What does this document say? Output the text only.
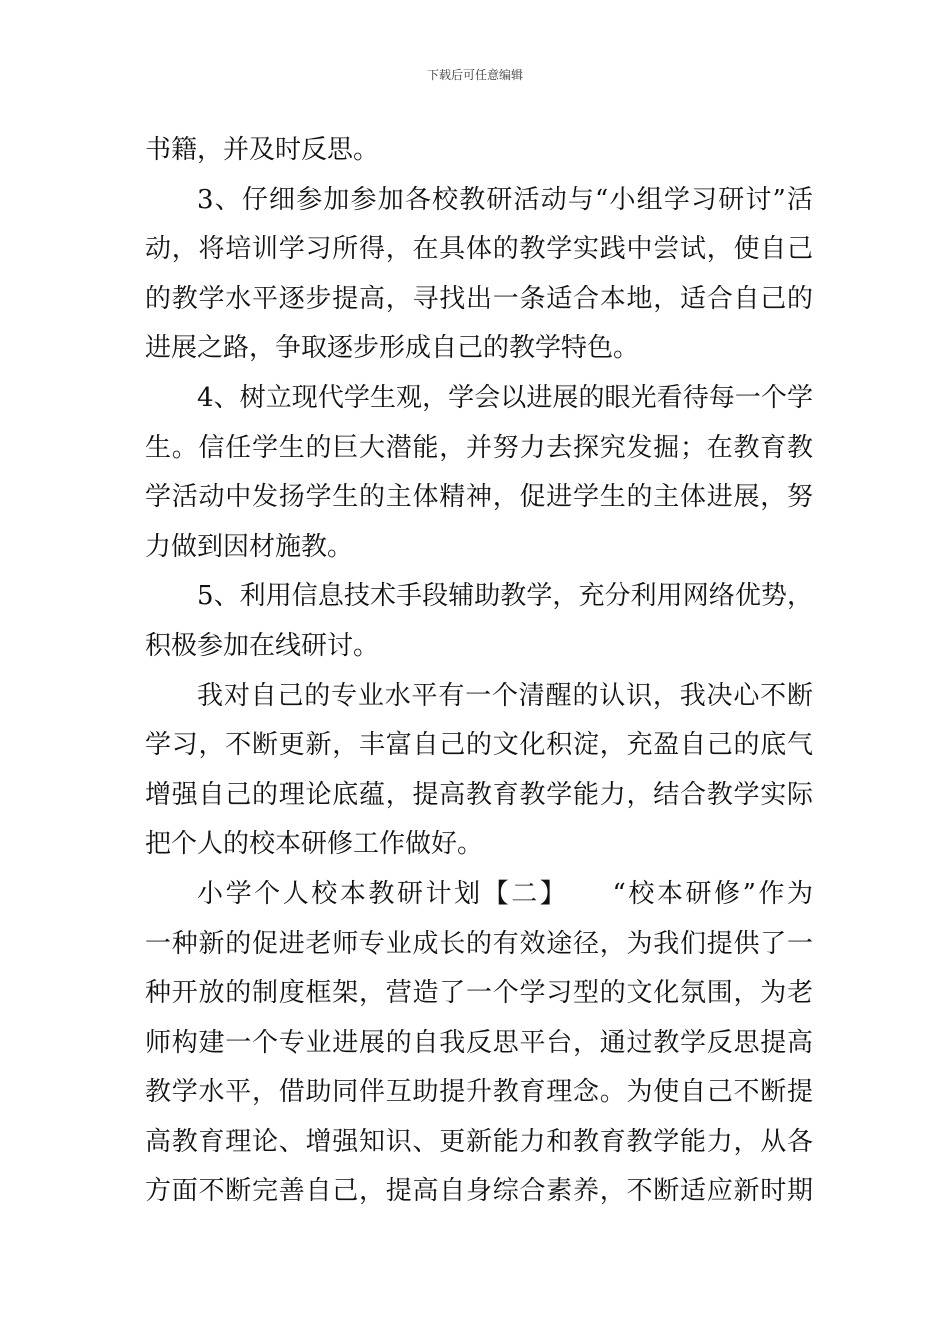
下载后可任意编辑
书籍，并及时反思。
3、仔细参加参加各校教研活动与“小组学习研讨”活
动，将培训学习所得，在具体的教学实践中尝试，使自己
的教学水平逐步提高，寻找出一条适合本地，适合自己的
进展之路，争取逐步形成自己的教学特色。
4、树立现代学生观，学会以进展的眼光看待每一个学
生。信任学生的巨大潜能，并努力去探究发掘；在教育教
学活动中发扬学生的主体精神，促进学生的主体进展，努
力做到因材施教。
5、利用信息技术手段辅助教学，充分利用网络优势，
积极参加在线研讨。
我对自己的专业水平有一个清醒的认识，我决心不断
学习，不断更新，丰富自己的文化积淀，充盈自己的底气
增强自己的理论底蕴，提高教育教学能力，结合教学实际
把个人的校本研修工作做好。
小学个人校本教研计划【二】　　“校本研修”作为
一种新的促进老师专业成长的有效途径，为我们提供了一
种开放的制度框架，营造了一个学习型的文化氛围，为老
师构建一个专业进展的自我反思平台，通过教学反思提高
教学水平，借助同伴互助提升教育理念。为使自己不断提
高教育理论、增强知识、更新能力和教育教学能力，从各
方面不断完善自己，提高自身综合素养，不断适应新时期
